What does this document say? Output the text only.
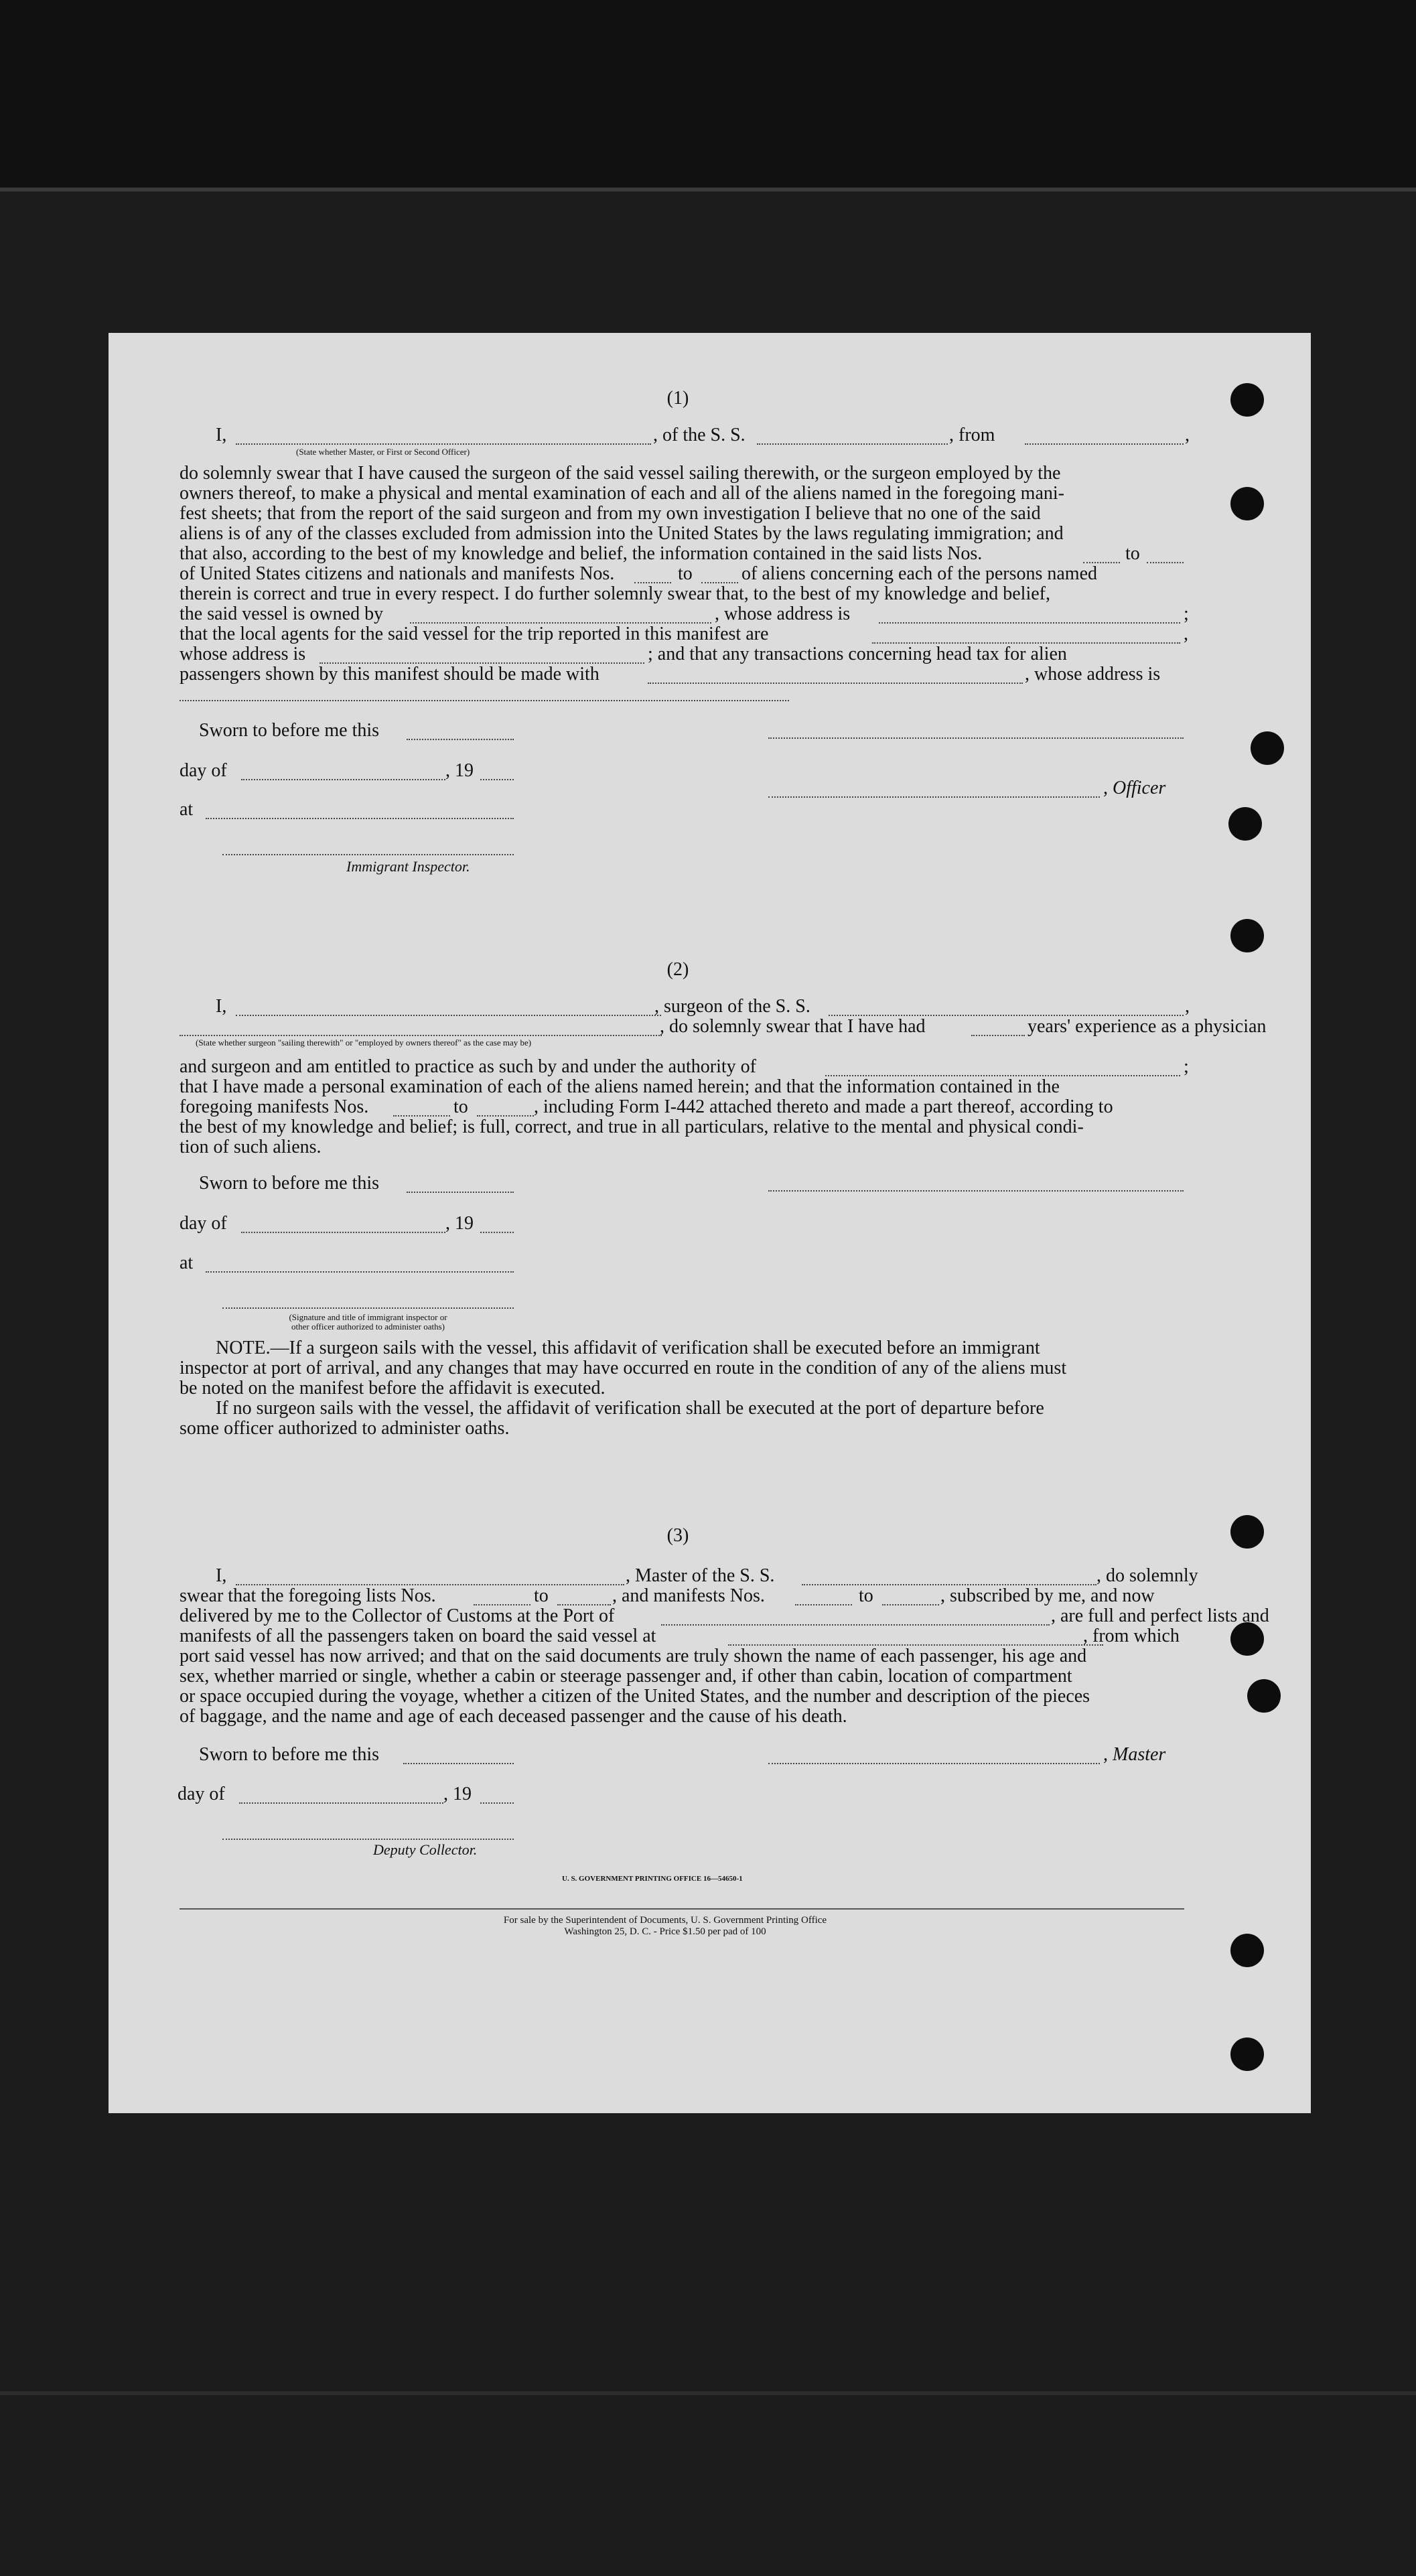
(1)
I,
(State whether Master, or First or Second Officer)
, of the S. S.	, from	,
do solemnly swear that I have caused the surgeon of the said vessel sailing therewith, or the surgeon employed by the
owners thereof, to make a physical and mental examination of each and all of the aliens named in the foregoing mani-
fest sheets; that from the report of the said surgeon and from my own investigation I believe that no one of the said
aliens is of any of the classes excluded from admission into the United States by the laws regulating immigration; and
that also, according to the best of my knowledge and belief, the information contained in the said lists Nos.	to
of United States citizens and nationals and manifests Nos.	to	of aliens concerning each of the persons named
therein is correct and true in every respect. I do further solemnly swear that, to the best of my knowledge and belief,
the said vessel is owned by	, whose address is	;
that the local agents for the said vessel for the trip reported in this manifest are	,
whose address is	; and that any transactions concerning head tax for alien
passengers shown by this manifest should be made with	, whose address is
Sworn to before me this
day of	, 19
, Officer
at
Immigrant Inspector.
(2)
I,	, surgeon of the S. S.	,
, do solemnly swear that I have had	years' experience as a physician
(State whether surgeon "sailing therewith" or "employed by owners thereof" as the case may be)
and surgeon and am entitled to practice as such by and under the authority of	;
that I have made a personal examination of each of the aliens named herein; and that the information contained in the
foregoing manifests Nos.	to	, including Form I-442 attached thereto and made a part thereof, according to
the best of my knowledge and belief; is full, correct, and true in all particulars, relative to the mental and physical condi-
tion of such aliens.
Sworn to before me this
day of	, 19
at
(Signature and title of immigrant inspector or
other officer authorized to administer oaths)
NOTE.—If a surgeon sails with the vessel, this affidavit of verification shall be executed before an immigrant
inspector at port of arrival, and any changes that may have occurred en route in the condition of any of the aliens must
be noted on the manifest before the affidavit is executed.
If no surgeon sails with the vessel, the affidavit of verification shall be executed at the port of departure before
some officer authorized to administer oaths.
(3)
I,	, Master of the S. S.	, do solemnly
swear that the foregoing lists Nos.	to	, and manifests Nos.	to	, subscribed by me, and now
delivered by me to the Collector of Customs at the Port of	, are full and perfect lists and
manifests of all the passengers taken on board the said vessel at	, from which
port said vessel has now arrived; and that on the said documents are truly shown the name of each passenger, his age and
sex, whether married or single, whether a cabin or steerage passenger and, if other than cabin, location of compartment
or space occupied during the voyage, whether a citizen of the United States, and the number and description of the pieces
of baggage, and the name and age of each deceased passenger and the cause of his death.
Sworn to before me this	, Master
day of	, 19
Deputy Collector.
U. S. GOVERNMENT PRINTING OFFICE 16—54650-1
For sale by the Superintendent of Documents, U. S. Government Printing Office
Washington 25, D. C. - Price $1.50 per pad of 100
